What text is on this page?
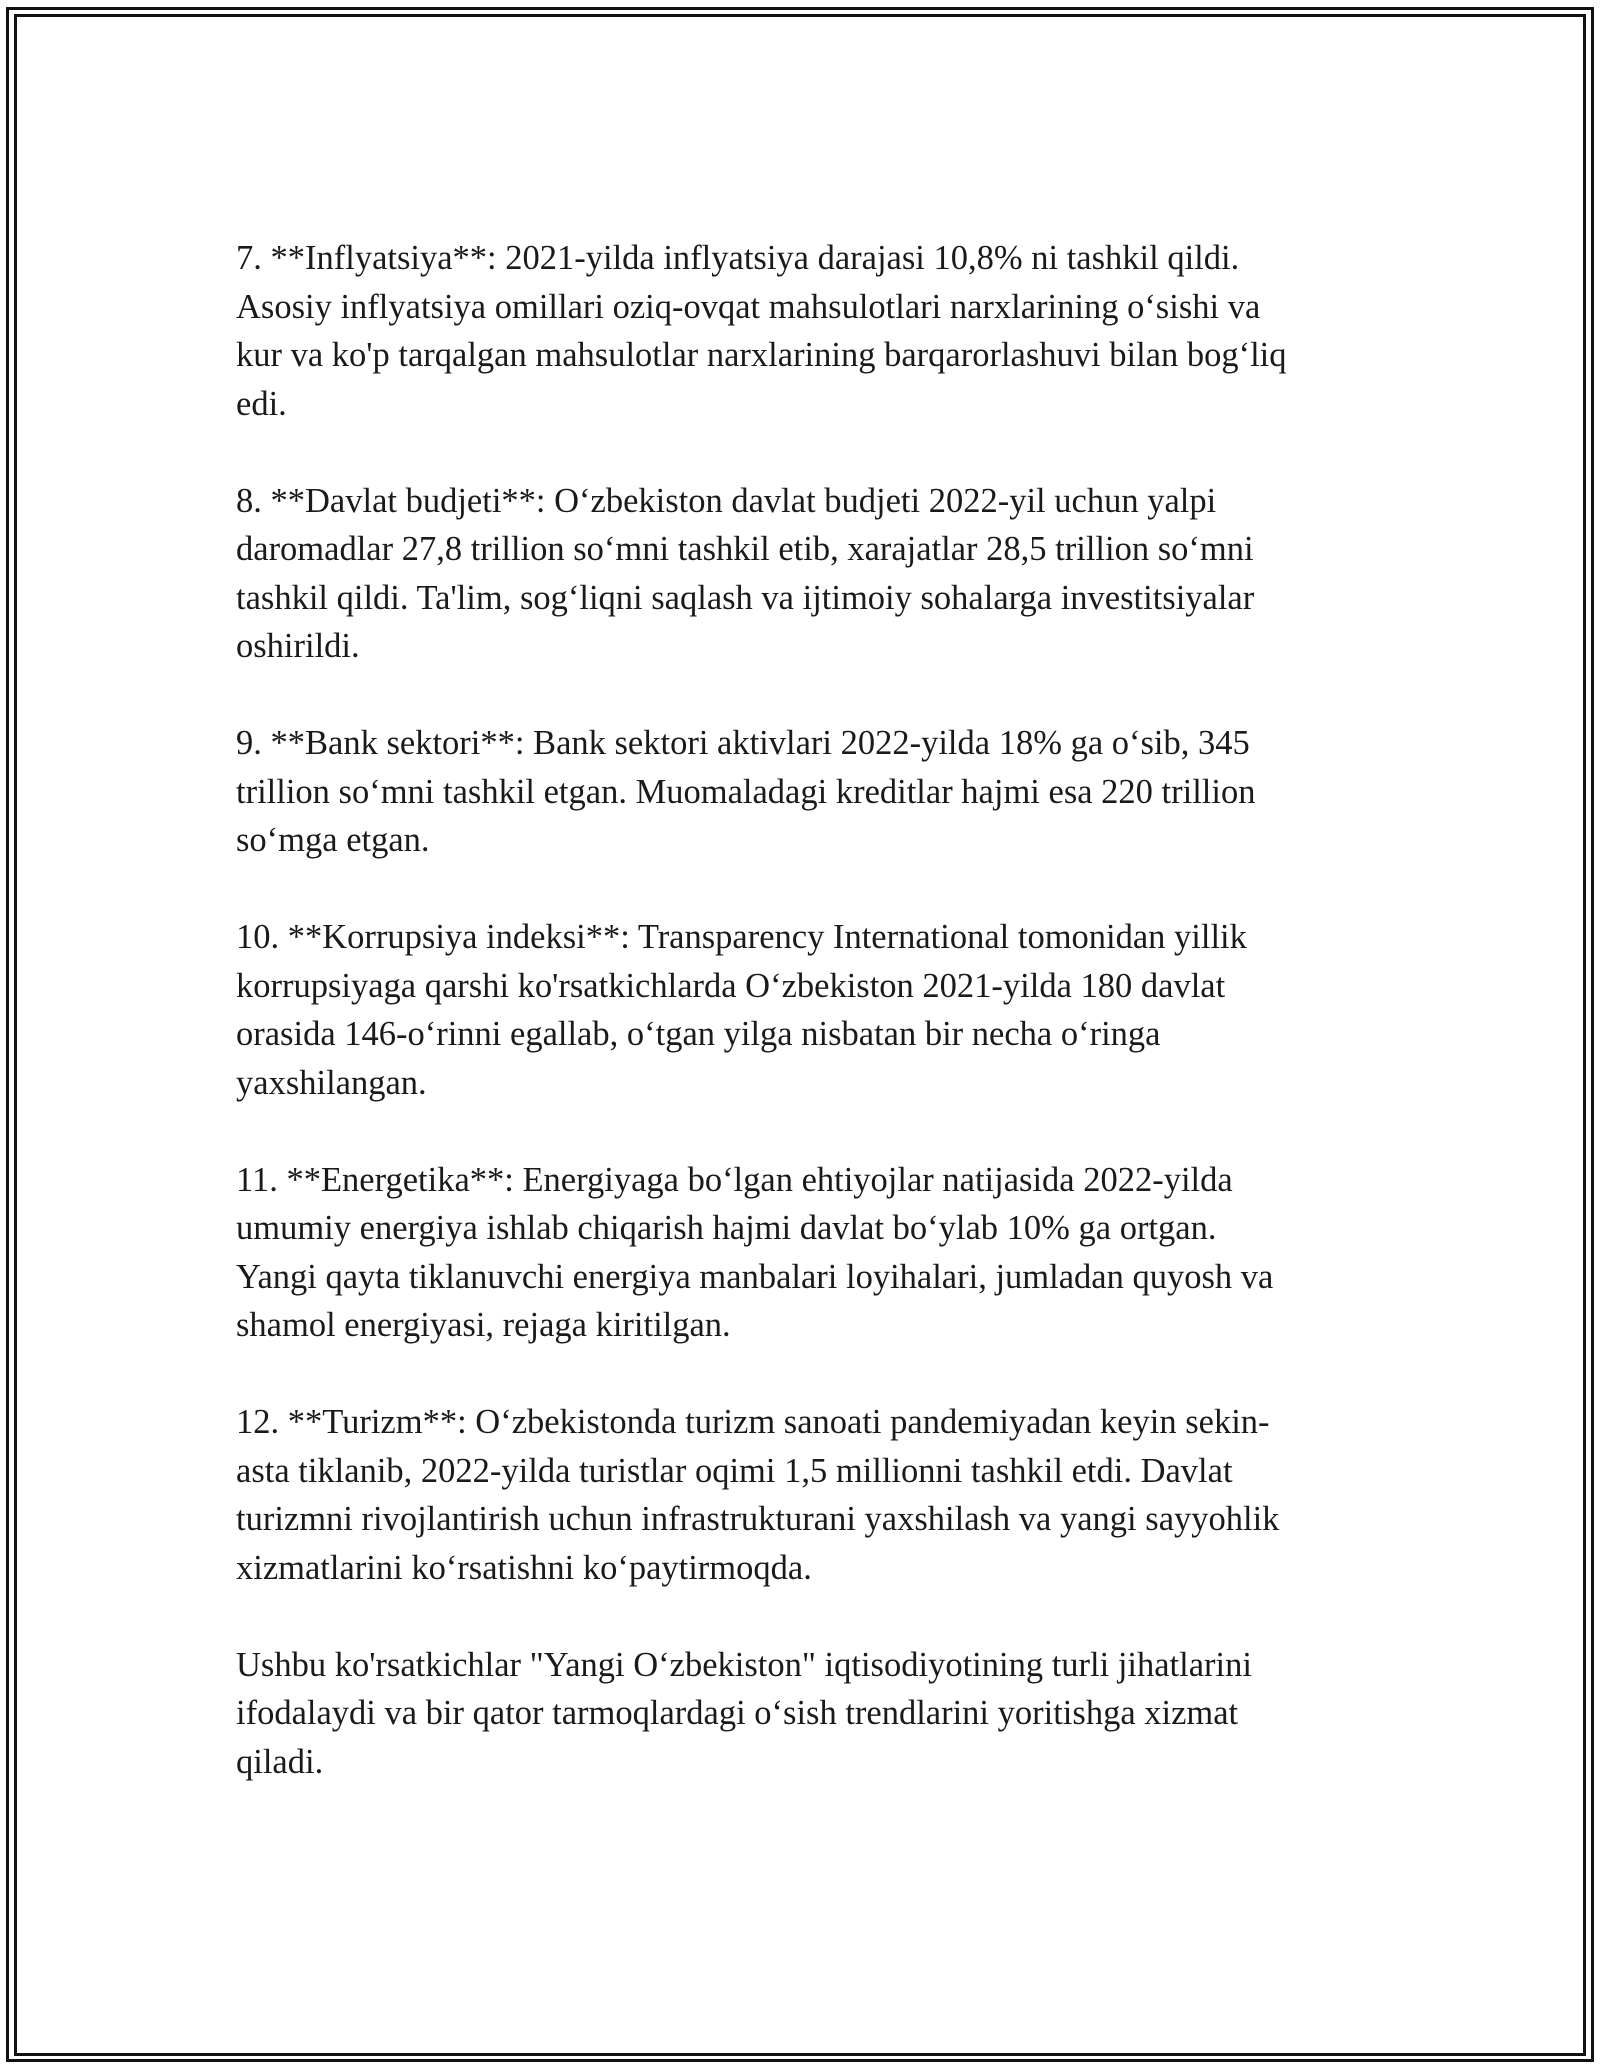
7. **Inflyatsiya**: 2021-yilda inflyatsiya darajasi 10,8% ni tashkil qildi.
Asosiy inflyatsiya omillari oziq-ovqat mahsulotlari narxlarining o‘sishi va
kur va ko'p tarqalgan mahsulotlar narxlarining barqarorlashuvi bilan bog‘liq
edi.

8. **Davlat budjeti**: O‘zbekiston davlat budjeti 2022-yil uchun yalpi
daromadlar 27,8 trillion so‘mni tashkil etib, xarajatlar 28,5 trillion so‘mni
tashkil qildi. Ta'lim, sog‘liqni saqlash va ijtimoiy sohalarga investitsiyalar
oshirildi.

9. **Bank sektori**: Bank sektori aktivlari 2022-yilda 18% ga o‘sib, 345
trillion so‘mni tashkil etgan. Muomaladagi kreditlar hajmi esa 220 trillion
so‘mga etgan.

10. **Korrupsiya indeksi**: Transparency International tomonidan yillik
korrupsiyaga qarshi ko'rsatkichlarda O‘zbekiston 2021-yilda 180 davlat
orasida 146-o‘rinni egallab, o‘tgan yilga nisbatan bir necha o‘ringa
yaxshilangan.

11. **Energetika**: Energiyaga bo‘lgan ehtiyojlar natijasida 2022-yilda
umumiy energiya ishlab chiqarish hajmi davlat bo‘ylab 10% ga ortgan.
Yangi qayta tiklanuvchi energiya manbalari loyihalari, jumladan quyosh va
shamol energiyasi, rejaga kiritilgan.

12. **Turizm**: O‘zbekistonda turizm sanoati pandemiyadan keyin sekin-
asta tiklanib, 2022-yilda turistlar oqimi 1,5 millionni tashkil etdi. Davlat
turizmni rivojlantirish uchun infrastrukturani yaxshilash va yangi sayyohlik
xizmatlarini ko‘rsatishni ko‘paytirmoqda.

Ushbu ko'rsatkichlar "Yangi O‘zbekiston" iqtisodiyotining turli jihatlarini
ifodalaydi va bir qator tarmoqlardagi o‘sish trendlarini yoritishga xizmat
qiladi.
